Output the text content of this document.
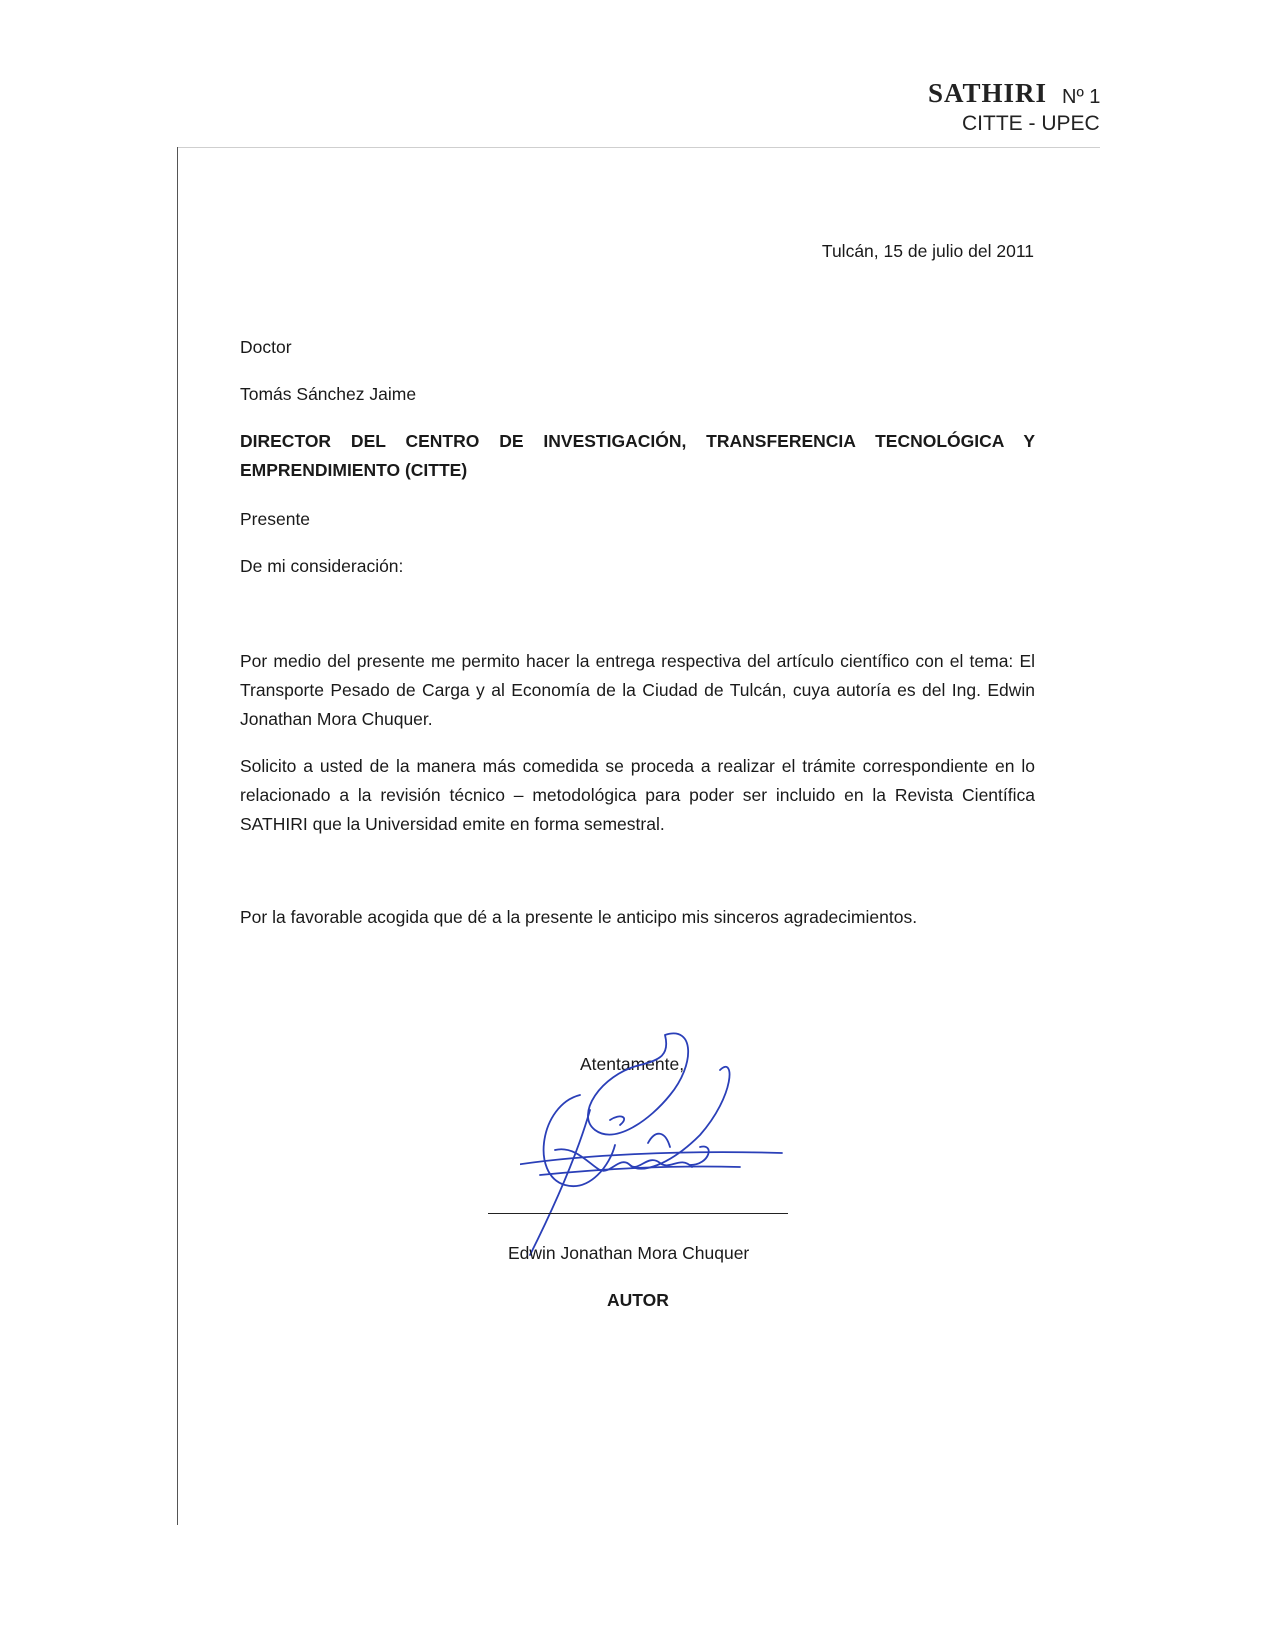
SATHIRI Nº 1
CITTE - UPEC
Tulcán, 15 de julio del 2011
Doctor
Tomás Sánchez Jaime
DIRECTOR DEL CENTRO DE INVESTIGACIÓN, TRANSFERENCIA TECNOLÓGICA Y EMPRENDIMIENTO (CITTE)
Presente
De mi consideración:
Por medio del presente me permito hacer la entrega respectiva del artículo científico con el tema: El Transporte Pesado de Carga y al Economía de la Ciudad de Tulcán, cuya autoría es del Ing. Edwin Jonathan Mora Chuquer.
Solicito a usted de la manera más comedida se proceda a realizar el trámite correspondiente en lo relacionado a la revisión técnico – metodológica para poder ser incluido en la Revista Científica SATHIRI que la Universidad emite en forma semestral.
Por la favorable acogida que dé a la presente le anticipo mis sinceros agradecimientos.
Atentamente,
Edwin Jonathan Mora Chuquer
AUTOR
